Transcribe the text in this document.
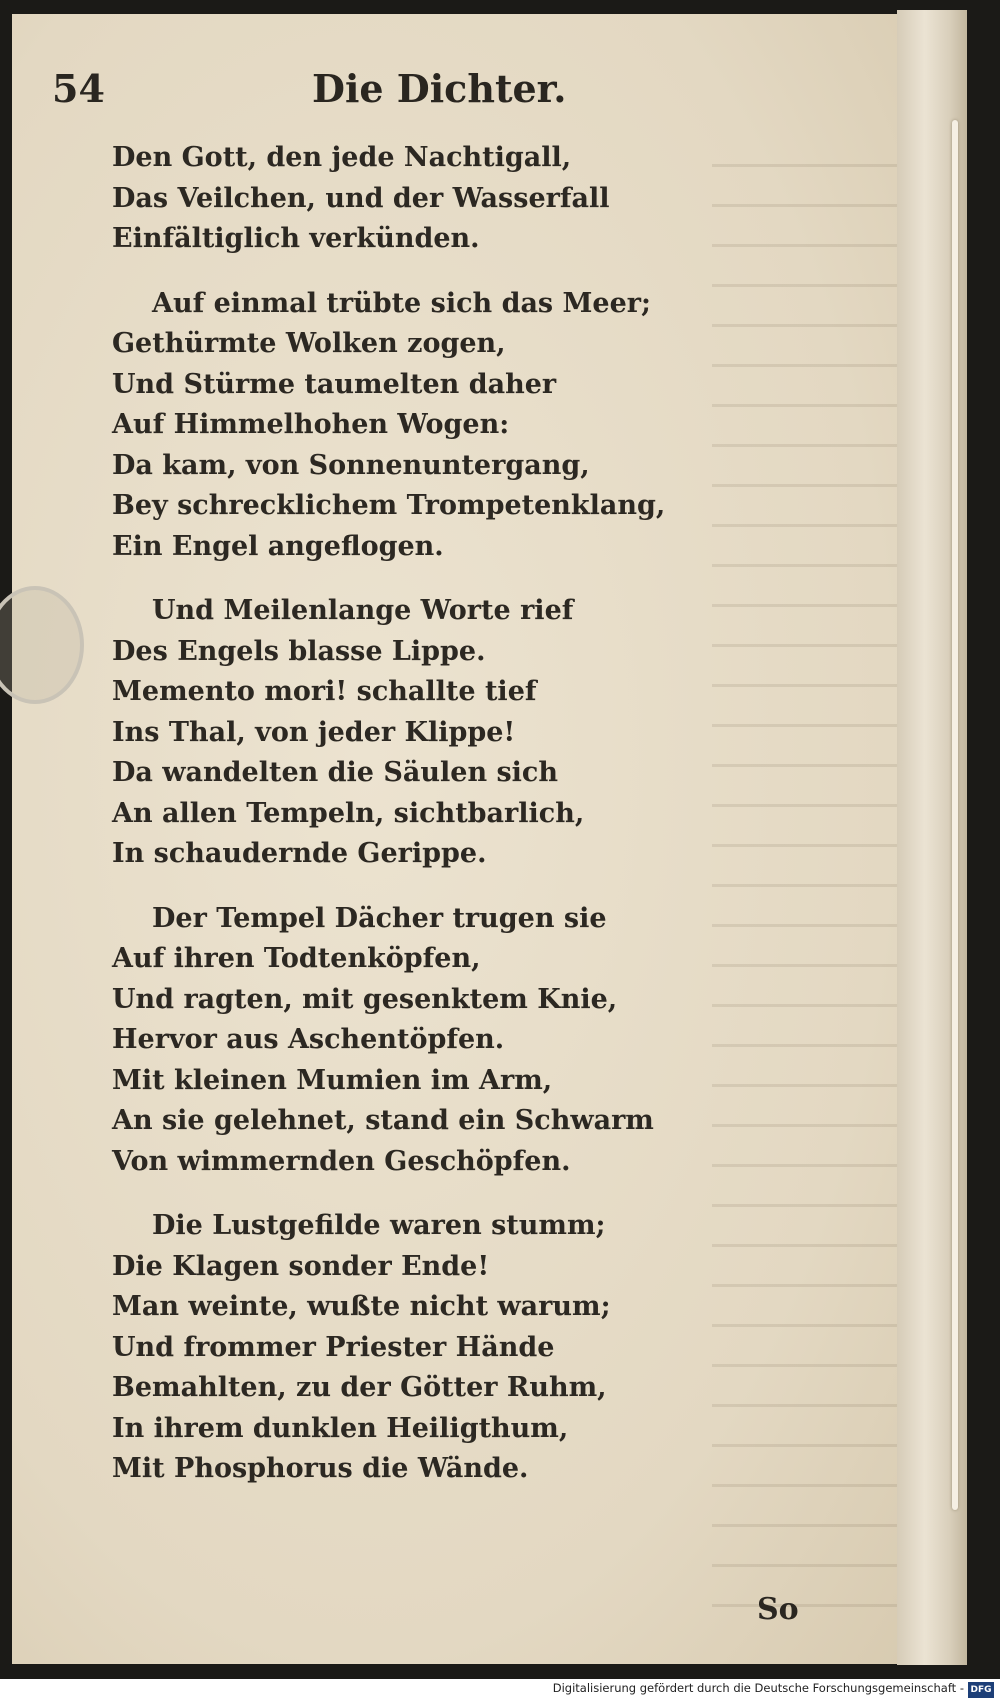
54	Die Dichter.
Den Gott, den jede Nachtigall,
Das Veilchen, und der Wasserfall
Einfältiglich verkünden.
Auf einmal trübte sich das Meer;
Gethürmte Wolken zogen,
Und Stürme taumelten daher
Auf Himmelhohen Wogen:
Da kam, von Sonnenuntergang,
Bey schrecklichem Trompetenklang,
Ein Engel angeflogen.
Und Meilenlange Worte rief
Des Engels blasse Lippe.
Memento mori! schallte tief
Ins Thal, von jeder Klippe!
Da wandelten die Säulen sich
An allen Tempeln, sichtbarlich,
In schaudernde Gerippe.
Der Tempel Dächer trugen sie
Auf ihren Todtenköpfen,
Und ragten, mit gesenktem Knie,
Hervor aus Aschentöpfen.
Mit kleinen Mumien im Arm,
An sie gelehnet, stand ein Schwarm
Von wimmernden Geschöpfen.
Die Lustgefilde waren stumm;
Die Klagen sonder Ende!
Man weinte, wußte nicht warum;
Und frommer Priester Hände
Bemahlten, zu der Götter Ruhm,
In ihrem dunklen Heiligthum,
Mit Phosphorus die Wände.
So
Digitalisierung gefördert durch die Deutsche Forschungsgemeinschaft - DFG
